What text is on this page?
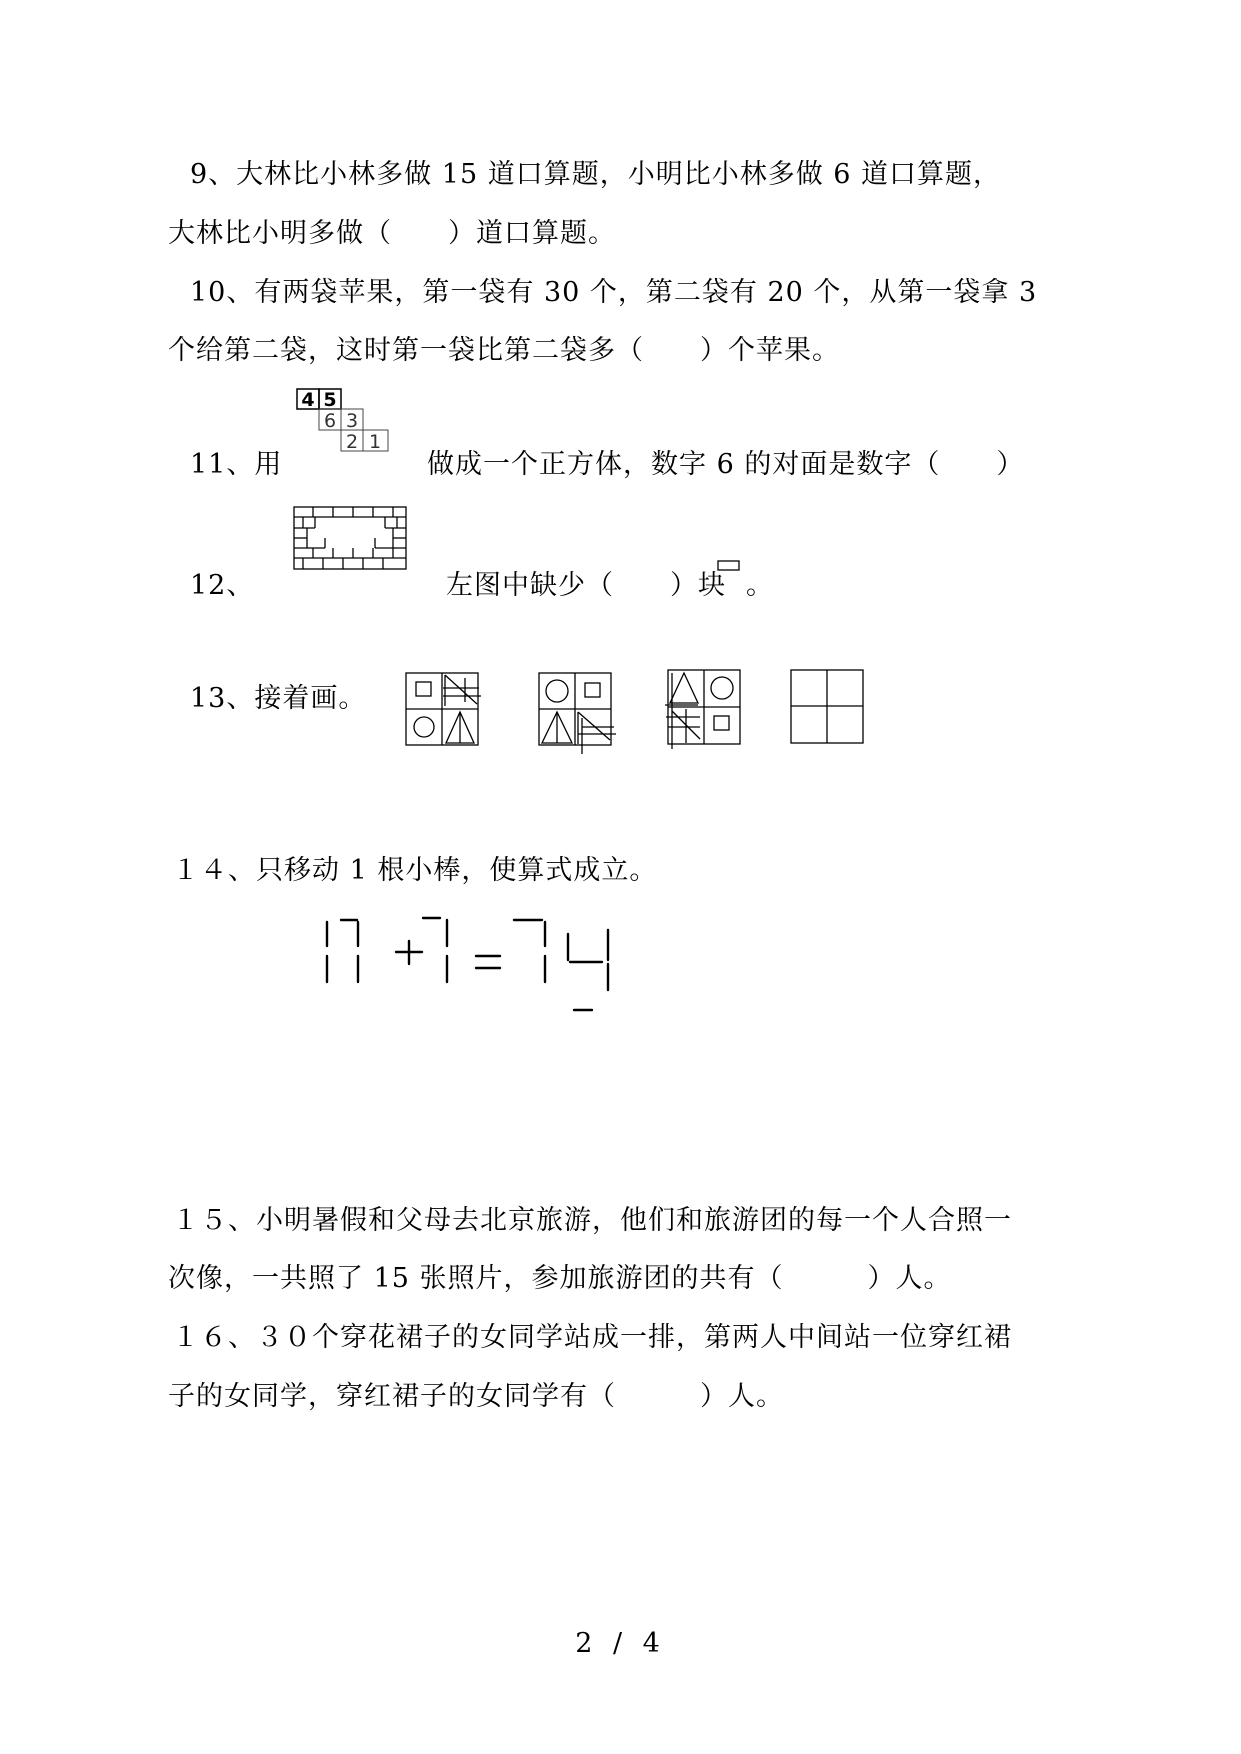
9、大林比小林多做 15 道口算题，小明比小林多做 6 道口算题，
大林比小明多做（　　）道口算题。
10、有两袋苹果，第一袋有 30 个，第二袋有 20 个，从第一袋拿 3
个给第二袋，这时第一袋比第二袋多（　　）个苹果。
11、用
4 5
6 3
2 1
做成一个正方体，数字 6 的对面是数字（　　）
12、	左图中缺少（　　）块 。
13、接着画。
１４、只移动 1 根小棒，使算式成立。
１５、小明暑假和父母去北京旅游，他们和旅游团的每一个人合照一
次像，一共照了 15 张照片，参加旅游团的共有（　　　）人。
１６、３０个穿花裙子的女同学站成一排，第两人中间站一位穿红裙
子的女同学，穿红裙子的女同学有（　　　）人。
2 / 4
